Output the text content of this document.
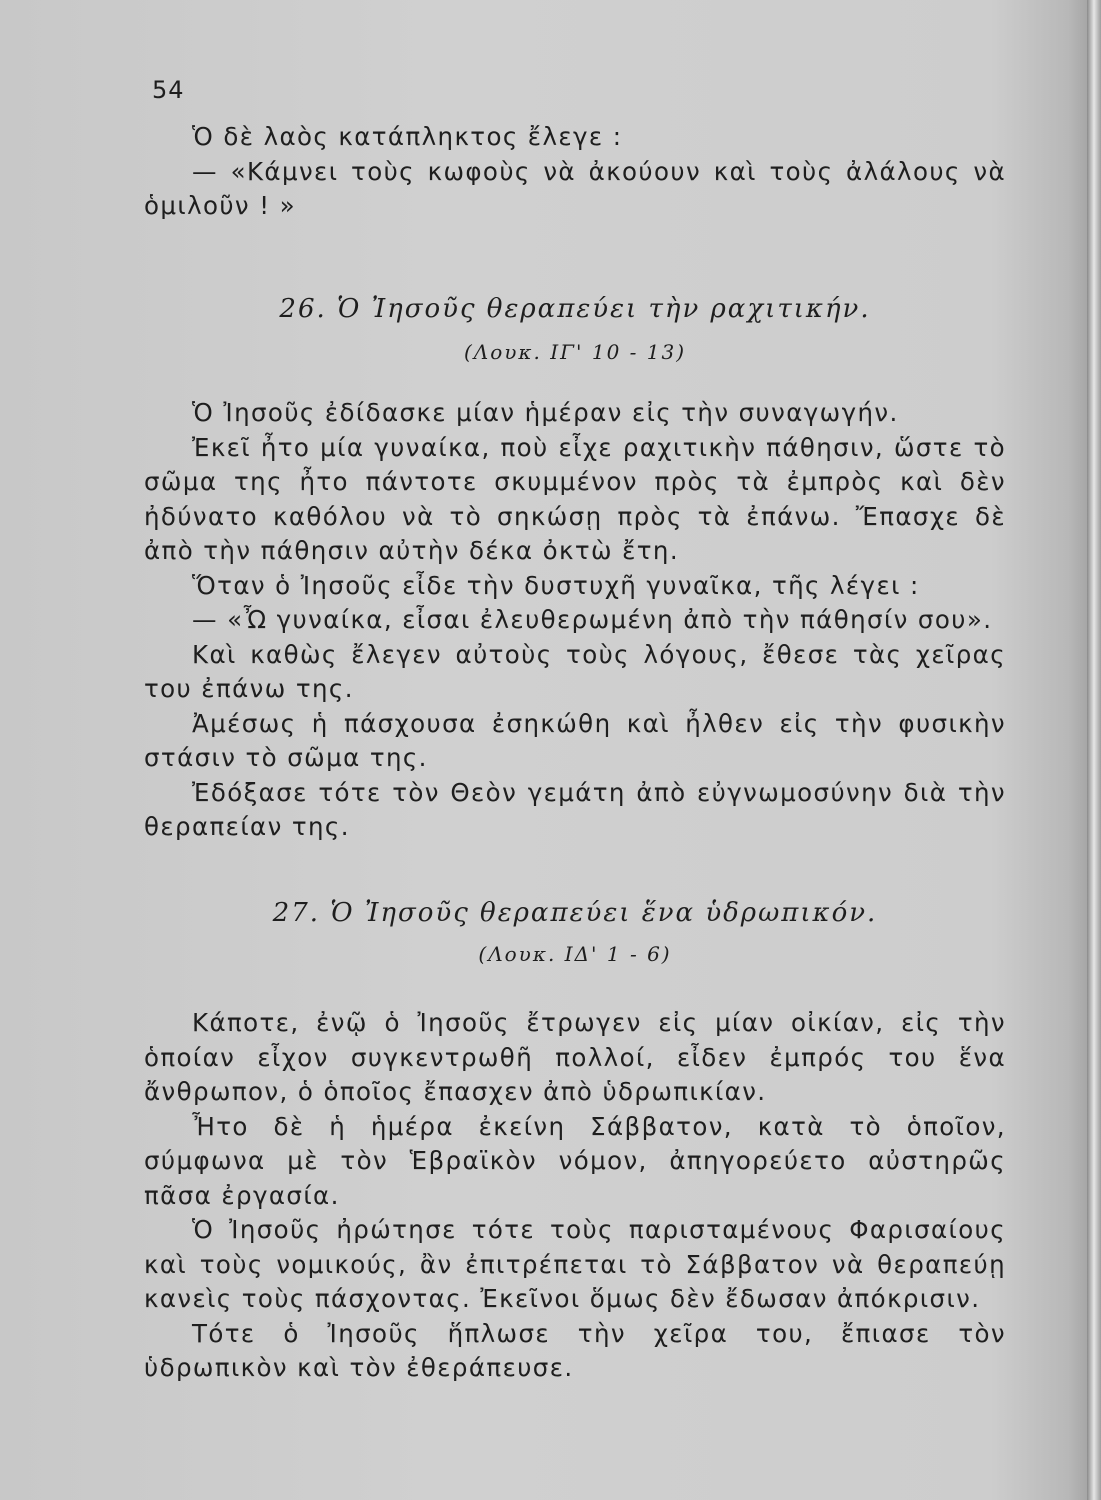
54

Ὁ δὲ λαὸς κατάπληκτος ἔλεγε :

— «Κάμνει τοὺς κωφοὺς νὰ ἀκούουν καὶ τοὺς ἀλάλους νὰ ὁμιλοῦν ! »

26. Ὁ Ἰησοῦς θεραπεύει τὴν ραχιτικήν.
(Λουκ. ΙΓ' 10 - 13)

Ὁ Ἰησοῦς ἐδίδασκε μίαν ἡμέραν εἰς τὴν συναγωγήν.

Ἐκεῖ ἦτο μία γυναίκα, ποὺ εἶχε ραχιτικὴν πάθησιν, ὥστε τὸ σῶμα της ἦτο πάντοτε σκυμμένον πρὸς τὰ ἐμπρὸς καὶ δὲν ἠδύνατο καθόλου νὰ τὸ σηκώσῃ πρὸς τὰ ἐπάνω. Ἔπασχε δὲ ἀπὸ τὴν πάθησιν αὐτὴν δέκα ὀκτὼ ἔτη.

Ὅταν ὁ Ἰησοῦς εἶδε τὴν δυστυχῆ γυναῖκα, τῆς λέγει :

— «Ὦ γυναίκα, εἶσαι ἐλευθερωμένη ἀπὸ τὴν πάθησίν σου».

Καὶ καθὼς ἔλεγεν αὐτοὺς τοὺς λόγους, ἔθεσε τὰς χεῖρας του ἐπάνω της.

Ἀμέσως ἡ πάσχουσα ἐσηκώθη καὶ ἦλθεν εἰς τὴν φυσικὴν στάσιν τὸ σῶμα της.

Ἐδόξασε τότε τὸν Θεὸν γεμάτη ἀπὸ εὐγνωμοσύνην διὰ τὴν θεραπείαν της.

27. Ὁ Ἰησοῦς θεραπεύει ἕνα ὑδρωπικόν.
(Λουκ. ΙΔ' 1 - 6)

Κάποτε, ἐνῷ ὁ Ἰησοῦς ἔτρωγεν εἰς μίαν οἰκίαν, εἰς τὴν ὁποίαν εἶχον συγκεντρωθῆ πολλοί, εἶδεν ἐμπρός του ἕνα ἄνθρωπον, ὁ ὁποῖος ἔπασχεν ἀπὸ ὑδρωπικίαν.

Ἦτο δὲ ἡ ἡμέρα ἐκείνη Σάββατον, κατὰ τὸ ὁποῖον, σύμφωνα μὲ τὸν Ἑβραϊκὸν νόμον, ἀπηγορεύετο αὐστηρῶς πᾶσα ἐργασία.

Ὁ Ἰησοῦς ἠρώτησε τότε τοὺς παρισταμένους Φαρισαίους καὶ τοὺς νομικούς, ἂν ἐπιτρέπεται τὸ Σάββατον νὰ θεραπεύῃ κανεὶς τοὺς πάσχοντας. Ἐκεῖνοι ὅμως δὲν ἔδωσαν ἀπόκρισιν.

Τότε ὁ Ἰησοῦς ἥπλωσε τὴν χεῖρα του, ἔπιασε τὸν ὑδρωπικὸν καὶ τὸν ἐθεράπευσε.
